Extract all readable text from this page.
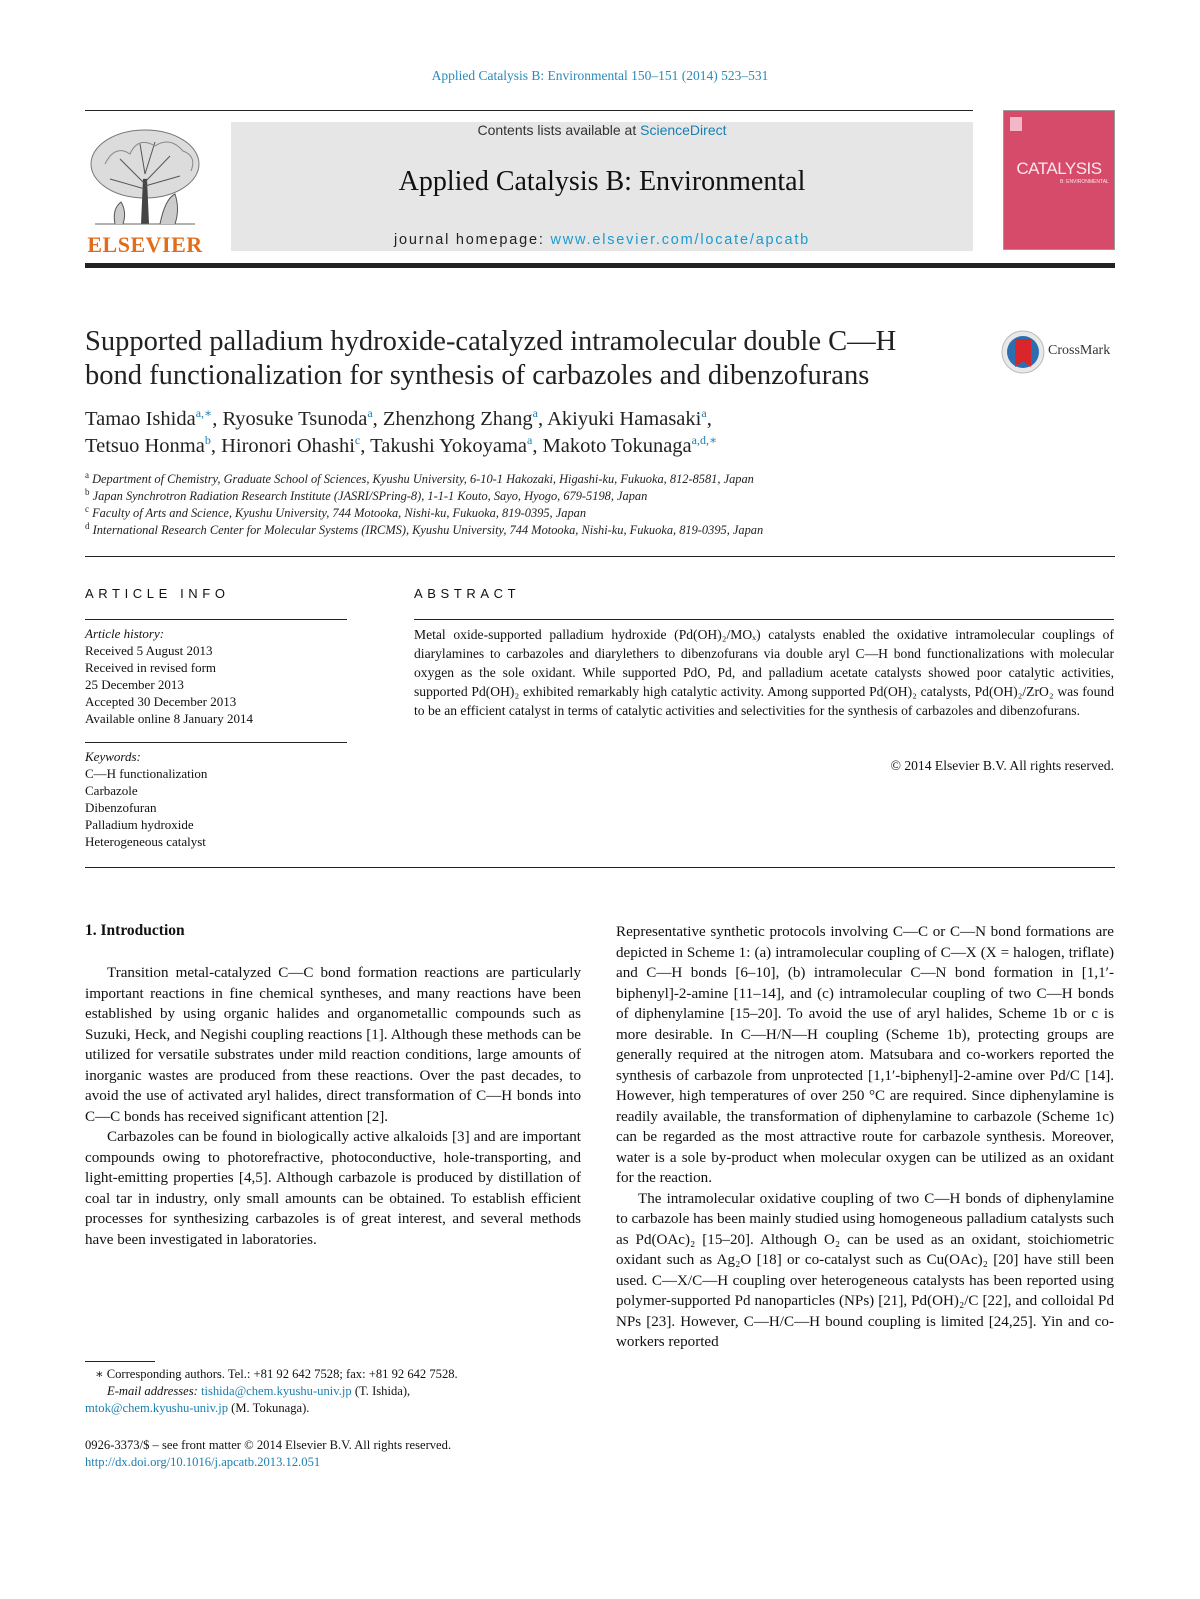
Applied Catalysis B: Environmental 150–151 (2014) 523–531
ELSEVIER
Contents lists available at ScienceDirect
Applied Catalysis B: Environmental
journal homepage: www.elsevier.com/locate/apcatb
CATALYSIS
B: ENVIRONMENTAL
Supported palladium hydroxide-catalyzed intramolecular double C—H
bond functionalization for synthesis of carbazoles and dibenzofurans
CrossMark
Tamao Ishida$^{a,∗}$, Ryosuke Tsunoda$^a$, Zhenzhong Zhang$^a$, Akiyuki Hamasaki$^a$,
Tetsuo Honma$^b$, Hironori Ohashi$^c$, Takushi Yokoyama$^a$, Makoto Tokunaga$^{a,d,∗}$
$^a$ Department of Chemistry, Graduate School of Sciences, Kyushu University, 6-10-1 Hakozaki, Higashi-ku, Fukuoka, 812-8581, Japan
$^b$ Japan Synchrotron Radiation Research Institute (JASRI/SPring-8), 1-1-1 Kouto, Sayo, Hyogo, 679-5198, Japan
$^c$ Faculty of Arts and Science, Kyushu University, 744 Motooka, Nishi-ku, Fukuoka, 819-0395, Japan
$^d$ International Research Center for Molecular Systems (IRCMS), Kyushu University, 744 Motooka, Nishi-ku, Fukuoka, 819-0395, Japan
ARTICLE INFO
Article history:
Received 5 August 2013
Received in revised form
25 December 2013
Accepted 30 December 2013
Available online 8 January 2014
Keywords:
C—H functionalization
Carbazole
Dibenzofuran
Palladium hydroxide
Heterogeneous catalyst
ABSTRACT
Metal oxide-supported palladium hydroxide (Pd(OH)₂/MOₓ) catalysts enabled the oxidative intramolecular couplings of diarylamines to carbazoles and diarylethers to dibenzofurans via double aryl C—H bond functionalizations with molecular oxygen as the sole oxidant. While supported PdO, Pd, and palladium acetate catalysts showed poor catalytic activities, supported Pd(OH)₂ exhibited remarkably high catalytic activity. Among supported Pd(OH)₂ catalysts, Pd(OH)₂/ZrO₂ was found to be an efficient catalyst in terms of catalytic activities and selectivities for the synthesis of carbazoles and dibenzofurans.
© 2014 Elsevier B.V. All rights reserved.
1. Introduction

Transition metal-catalyzed C—C bond formation reactions are particularly important reactions in fine chemical syntheses, and many reactions have been established by using organic halides and organometallic compounds such as Suzuki, Heck, and Negishi coupling reactions [1]. Although these methods can be utilized for versatile substrates under mild reaction conditions, large amounts of inorganic wastes are produced from these reactions. Over the past decades, to avoid the use of activated aryl halides, direct transformation of C—H bonds into C—C bonds has received significant attention [2].

Carbazoles can be found in biologically active alkaloids [3] and are important compounds owing to photorefractive, photoconductive, hole-transporting, and light-emitting properties [4,5]. Although carbazole is produced by distillation of coal tar in industry, only small amounts can be obtained. To establish efficient processes for synthesizing carbazoles is of great interest, and several methods have been investigated in laboratories.

Representative synthetic protocols involving C—C or C—N bond formations are depicted in Scheme 1: (a) intramolecular coupling of C—X (X = halogen, triflate) and C—H bonds [6–10], (b) intramolecular C—N bond formation in [1,1′-biphenyl]-2-amine [11–14], and (c) intramolecular coupling of two C—H bonds of diphenylamine [15–20]. To avoid the use of aryl halides, Scheme 1b or c is more desirable. In C—H/N—H coupling (Scheme 1b), protecting groups are generally required at the nitrogen atom. Matsubara and co-workers reported the synthesis of carbazole from unprotected [1,1′-biphenyl]-2-amine over Pd/C [14]. However, high temperatures of over 250 °C are required. Since diphenylamine is readily available, the transformation of diphenylamine to carbazole (Scheme 1c) can be regarded as the most attractive route for carbazole synthesis. Moreover, water is a sole by-product when molecular oxygen can be utilized as an oxidant for the reaction.

The intramolecular oxidative coupling of two C—H bonds of diphenylamine to carbazole has been mainly studied using homogeneous palladium catalysts such as Pd(OAc)₂ [15–20]. Although O₂ can be used as an oxidant, stoichiometric oxidant such as Ag₂O [18] or co-catalyst such as Cu(OAc)₂ [20] have still been used. C—X/C—H coupling over heterogeneous catalysts has been reported using polymer-supported Pd nanoparticles (NPs) [21], Pd(OH)₂/C [22], and colloidal Pd NPs [23]. However, C—H/C—H bound coupling is limited [24,25]. Yin and co-workers reported

∗ Corresponding authors. Tel.: +81 92 642 7528; fax: +81 92 642 7528.
E-mail addresses: tishida@chem.kyushu-univ.jp (T. Ishida),
mtok@chem.kyushu-univ.jp (M. Tokunaga).
0926-3373/$ – see front matter © 2014 Elsevier B.V. All rights reserved.
http://dx.doi.org/10.1016/j.apcatb.2013.12.051
